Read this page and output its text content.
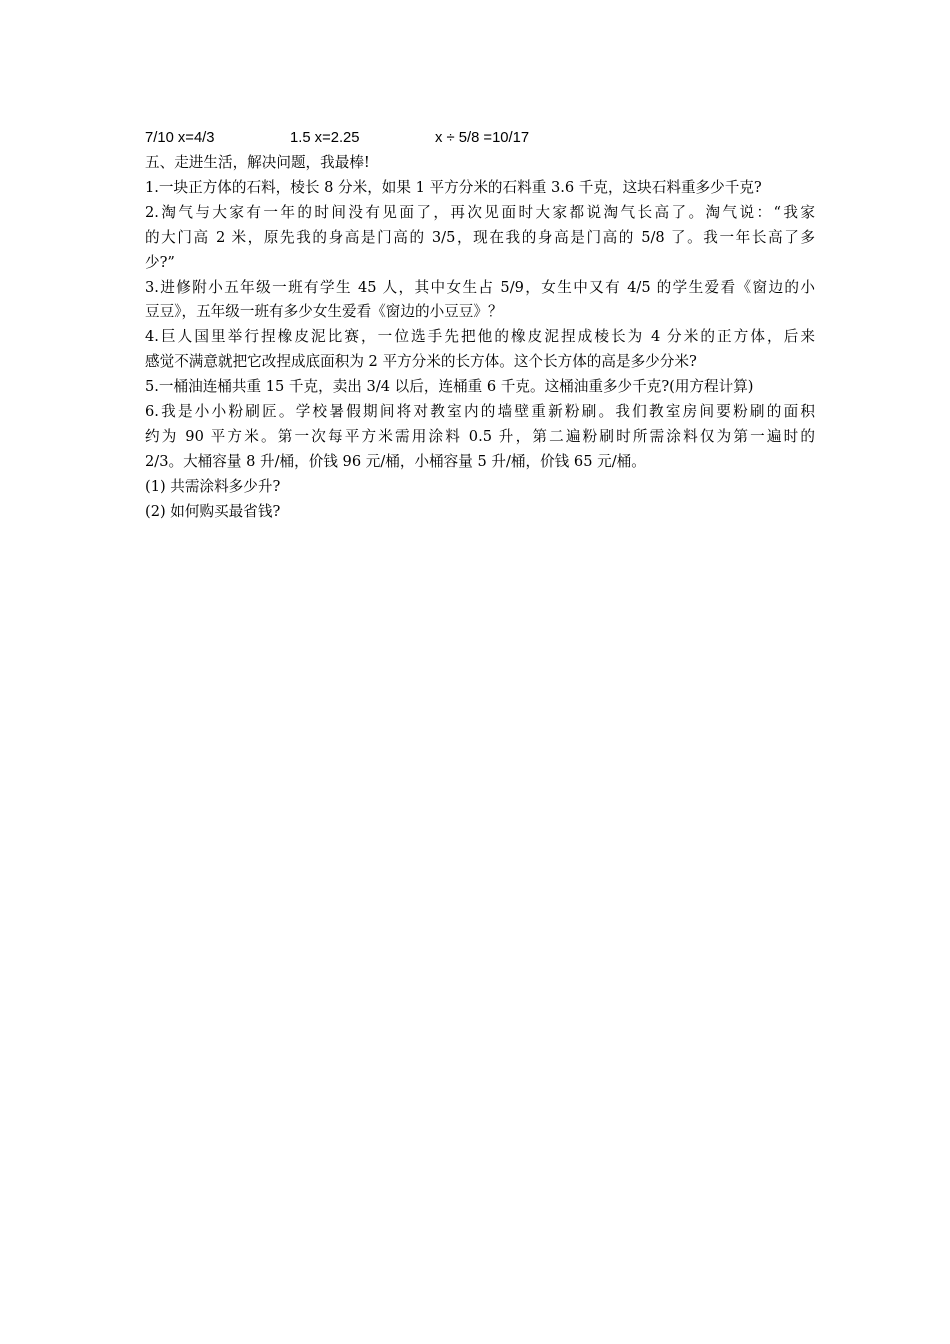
7/10 x=4/3	1.5 x=2.25	x ÷ 5/8 =10/17

五、走进生活，解决问题，我最棒!

1.一块正方体的石料，棱长 8 分米，如果 1 平方分米的石料重 3.6 千克，这块石料重多少千克?

2.淘气与大家有一年的时间没有见面了，再次见面时大家都说淘气长高了。淘气说：“我家

的大门高 2 米，原先我的身高是门高的 3/5，现在我的身高是门高的 5/8 了。我一年长高了多

少?”

3.进修附小五年级一班有学生 45 人，其中女生占 5/9，女生中又有 4/5 的学生爱看《窗边的小

豆豆》，五年级一班有多少女生爱看《窗边的小豆豆》？

4.巨人国里举行捏橡皮泥比赛，一位选手先把他的橡皮泥捏成棱长为 4 分米的正方体，后来

感觉不满意就把它改捏成底面积为 2 平方分米的长方体。这个长方体的高是多少分米?

5.一桶油连桶共重 15 千克，卖出 3/4 以后，连桶重 6 千克。这桶油重多少千克?(用方程计算)

6.我是小小粉刷匠。学校暑假期间将对教室内的墙壁重新粉刷。我们教室房间要粉刷的面积

约为 90 平方米。第一次每平方米需用涂料 0.5 升，第二遍粉刷时所需涂料仅为第一遍时的

2/3。大桶容量 8 升/桶，价钱 96 元/桶，小桶容量 5 升/桶，价钱 65 元/桶。

(1) 共需涂料多少升?

(2) 如何购买最省钱?
